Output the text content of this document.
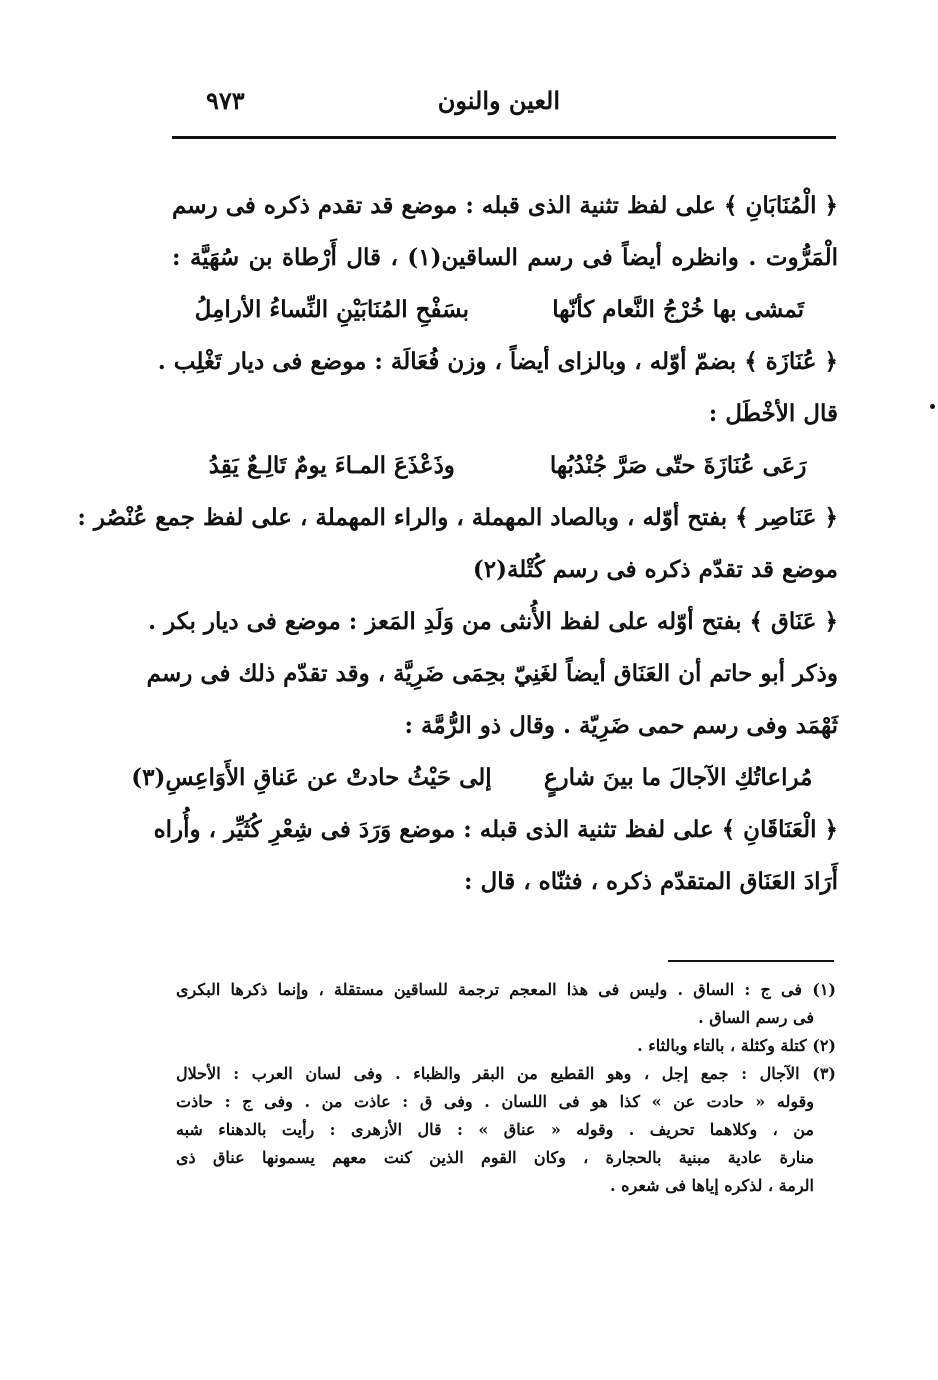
العين والنون
٩٧٣
﴿ الْمُنَابَانِ ﴾ على لفظ تثنية الذى قبله : موضع قد تقدم ذكره فى رسم
الْمَرُّوت . وانظره أيضاً فى رسم الساقين(١) ، قال أَرْطاة بن سُهَيَّة :
تَمشى بها خُرْجُ النَّعام كأنّها
بسَفْحِ المُنَابَيْنِ النِّساءُ الأرامِلُ
﴿ عُنَازَة ﴾ بضمّ أوّله ، وبالزاى أيضاً ، وزن فُعَالَة : موضع فى ديار تَغْلِب .
قال الأخْطَل :
رَعَى عُنَازَةَ حتّى صَرَّ جُنْدُبُها
وذَعْذَعَ المـاءَ يومٌ تَالِـعٌ يَقِدُ
﴿ عَنَاصِر ﴾ بفتح أوّله ، وبالصاد المهملة ، والراء المهملة ، على لفظ جمع عُنْصُر :
موضع قد تقدّم ذكره فى رسم كُتْلة(٢)
﴿ عَنَاق ﴾ بفتح أوّله على لفظ الأُنثى من وَلَدِ المَعز : موضع فى ديار بكر .
وذكر أبو حاتم أن العَنَاق أيضاً لغَنِيّ بحِمَى ضَرِيَّة ، وقد تقدّم ذلك فى رسم
ثَهْمَد وفى رسم حمى ضَرِيّة . وقال ذو الرُّمَّة :
مُراعاتُكِ الآجالَ ما بينَ شارعٍ
إلى حَيْثُ حادتْ عن عَناقِ الأَوَاعِسِ(٣)
﴿ الْعَنَاقَانِ ﴾ على لفظ تثنية الذى قبله : موضع وَرَدَ فى شِعْرِ كُثَيِّر ، وأُراه
أَرَادَ العَنَاق المتقدّم ذكره ، فثنّاه ، قال :
(١) فى ج : الساق . وليس فى هذا المعجم ترجمة للساقين مستقلة ، وإنما ذكرها البكرى
فى رسم الساق .
(٢) كتلة وكثلة ، بالتاء وبالثاء .
(٣) الآجال : جمع إجل ، وهو القطيع من البقر والظباء . وفى لسان العرب : الأحلال
وقوله « حادت عن » كذا هو فى اللسان . وفى ق : عاذت من . وفى ج : حاذت
من ، وكلاهما تحريف . وقوله « عناق » : قال الأزهرى : رأيت بالدهناء شبه
منارة عادية مبنية بالحجارة ، وكان القوم الذين كنت معهم يسمونها عناق ذى
الرمة ، لذكره إياها فى شعره .
